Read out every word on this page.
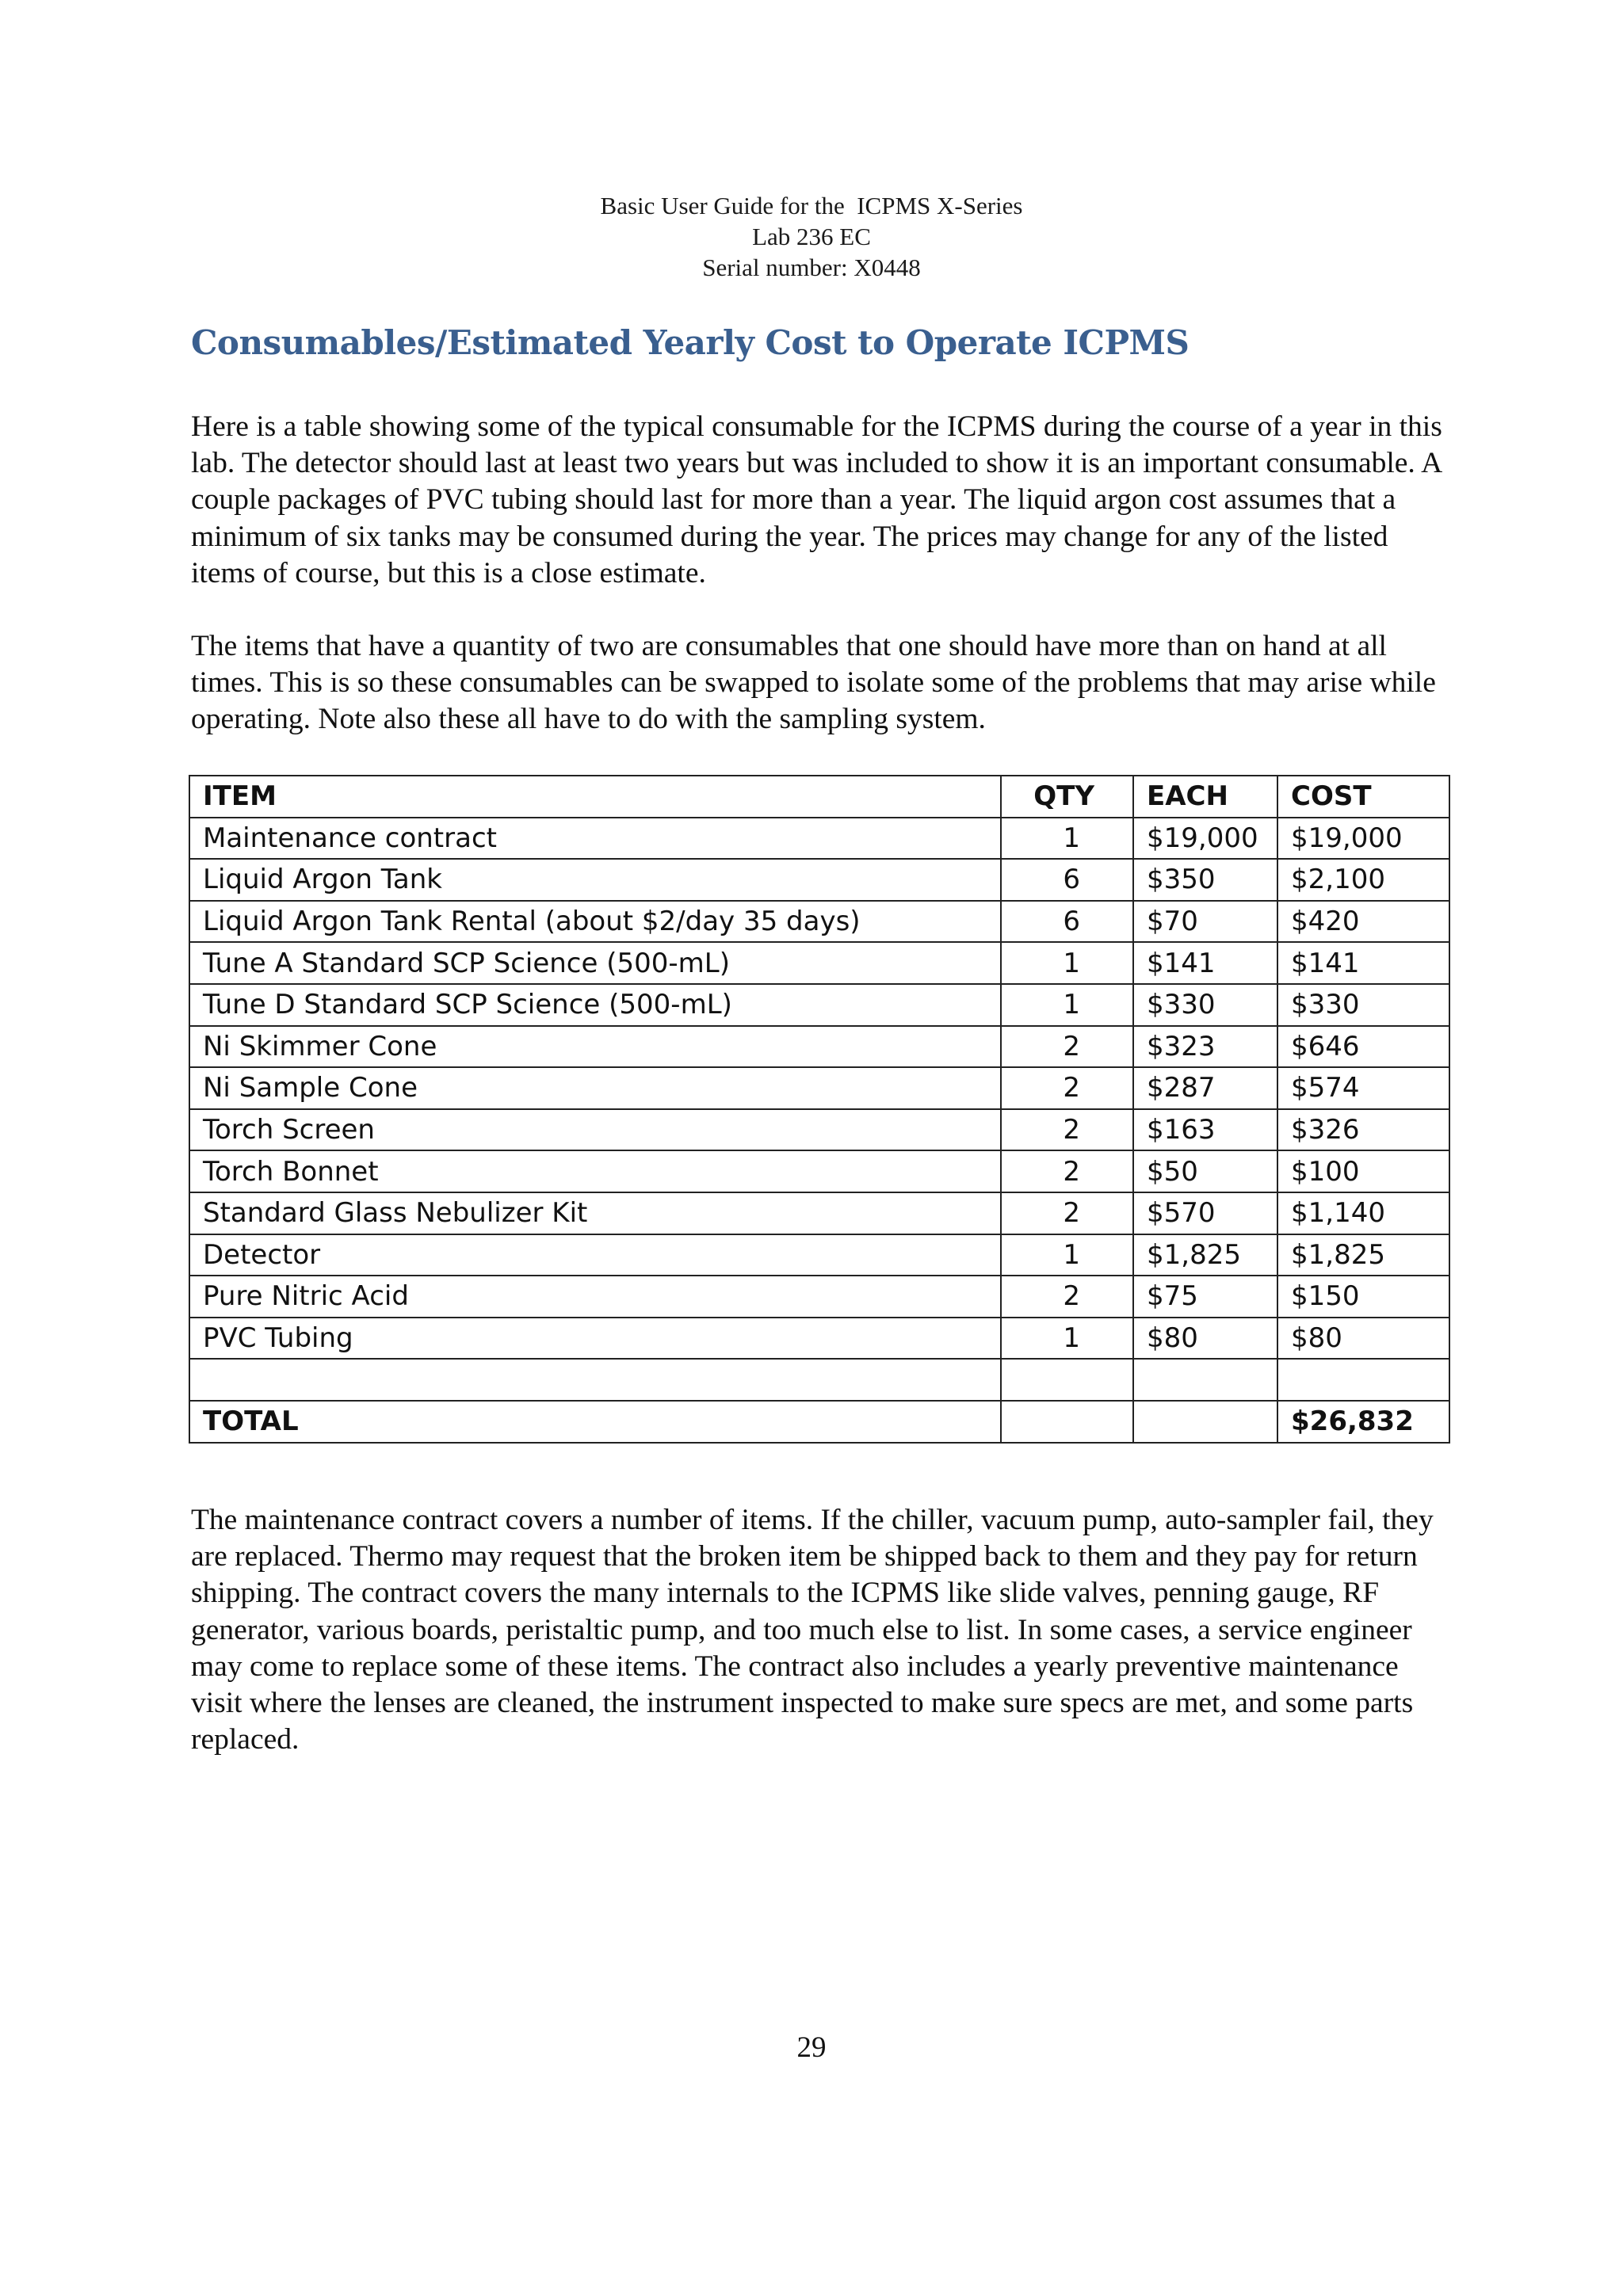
Basic User Guide for the  ICPMS X-Series
Lab 236 EC
Serial number: X0448
Consumables/Estimated Yearly Cost to Operate ICPMS

Here is a table showing some of the typical consumable for the ICPMS during the course of a year in this lab. The detector should last at least two years but was included to show it is an important consumable. A couple packages of PVC tubing should last for more than a year. The liquid argon cost assumes that a minimum of six tanks may be consumed during the year. The prices may change for any of the listed items of course, but this is a close estimate.

The items that have a quantity of two are consumables that one should have more than on hand at all times. This is so these consumables can be swapped to isolate some of the problems that may arise while operating. Note also these all have to do with the sampling system.

ITEM	QTY	EACH	COST
Maintenance contract	1	$19,000	$19,000
Liquid Argon Tank	6	$350	$2,100
Liquid Argon Tank Rental (about $2/day 35 days)	6	$70	$420
Tune A Standard SCP Science (500-mL)	1	$141	$141
Tune D Standard SCP Science (500-mL)	1	$330	$330
Ni Skimmer Cone	2	$323	$646
Ni Sample Cone	2	$287	$574
Torch Screen	2	$163	$326
Torch Bonnet	2	$50	$100
Standard Glass Nebulizer Kit	2	$570	$1,140
Detector	1	$1,825	$1,825
Pure Nitric Acid	2	$75	$150
PVC Tubing	1	$80	$80

TOTAL			$26,832

The maintenance contract covers a number of items. If the chiller, vacuum pump, auto-sampler fail, they are replaced. Thermo may request that the broken item be shipped back to them and they pay for return shipping. The contract covers the many internals to the ICPMS like slide valves, penning gauge, RF generator, various boards, peristaltic pump, and too much else to list. In some cases, a service engineer may come to replace some of these items. The contract also includes a yearly preventive maintenance visit where the lenses are cleaned, the instrument inspected to make sure specs are met, and some parts replaced.

29
